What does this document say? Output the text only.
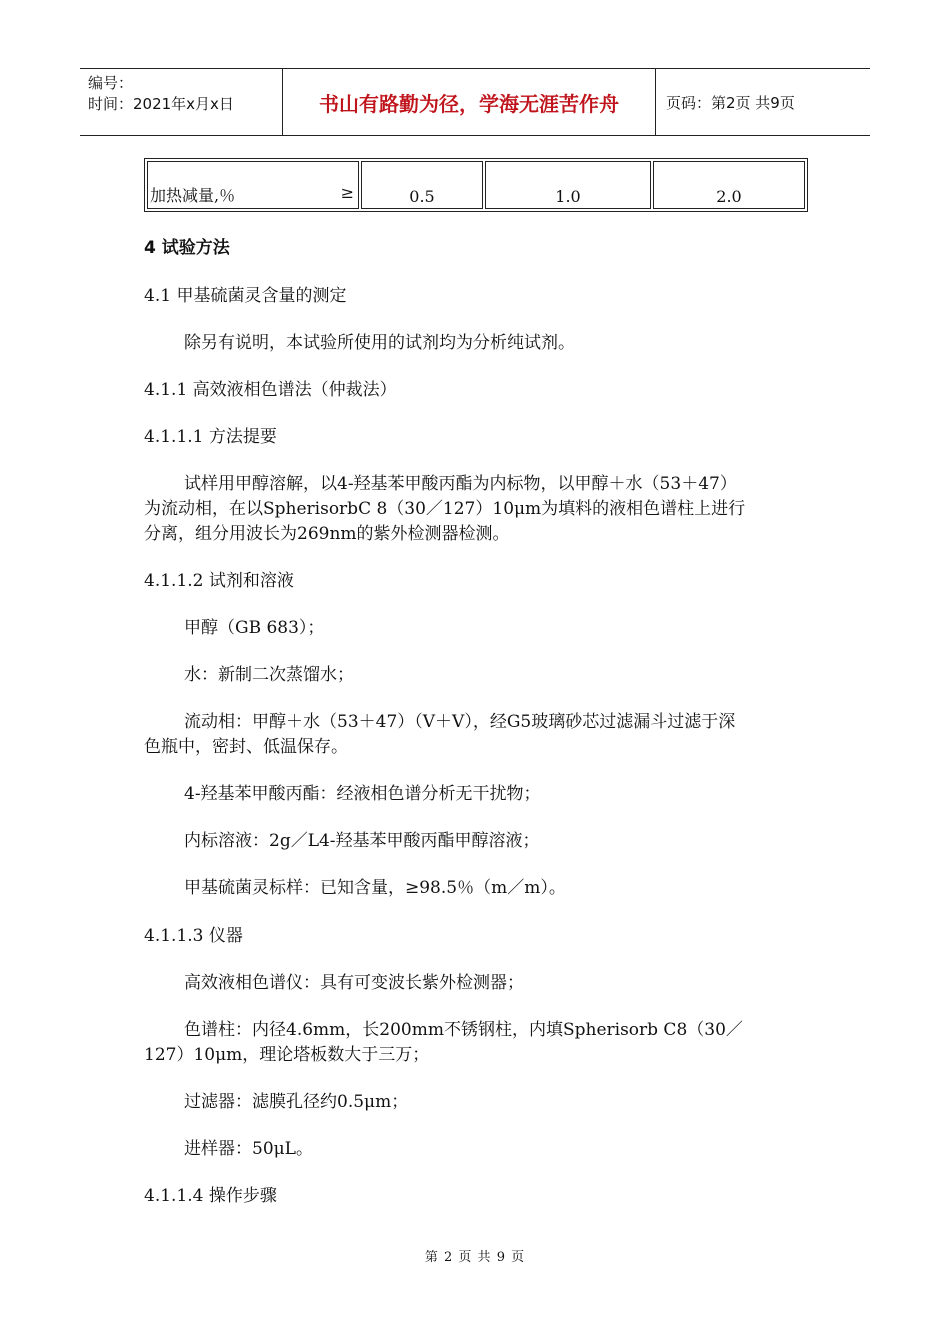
编号：
时间：2021年x月x日	书山有路勤为径，学海无涯苦作舟	页码：第2页 共9页
加热减量,％	≥	0.5	1.0	2.0
4 试验方法
4.1 甲基硫菌灵含量的测定
除另有说明，本试验所使用的试剂均为分析纯试剂。
4.1.1 高效液相色谱法（仲裁法）
4.1.1.1 方法提要
试样用甲醇溶解，以4-羟基苯甲酸丙酯为内标物，以甲醇＋水（53＋47）
为流动相，在以SpherisorbC 8（30／127）10μm为填料的液相色谱柱上进行
分离，组分用波长为269nm的紫外检测器检测。
4.1.1.2 试剂和溶液
甲醇（GB 683）；
水：新制二次蒸馏水；
流动相：甲醇＋水（53＋47）（V＋V），经G5玻璃砂芯过滤漏斗过滤于深
色瓶中，密封、低温保存。
4-羟基苯甲酸丙酯：经液相色谱分析无干扰物；
内标溶液：2g／L4-羟基苯甲酸丙酯甲醇溶液；
甲基硫菌灵标样：已知含量，≥98.5％（m／m）。
4.1.1.3 仪器
高效液相色谱仪：具有可变波长紫外检测器；
色谱柱：内径4.6mm，长200mm不锈钢柱，内填Spherisorb C8（30／
127）10μm，理论塔板数大于三万；
过滤器：滤膜孔径约0.5μm；
进样器：50μL。
4.1.1.4 操作步骤
第 2 页 共 9 页
